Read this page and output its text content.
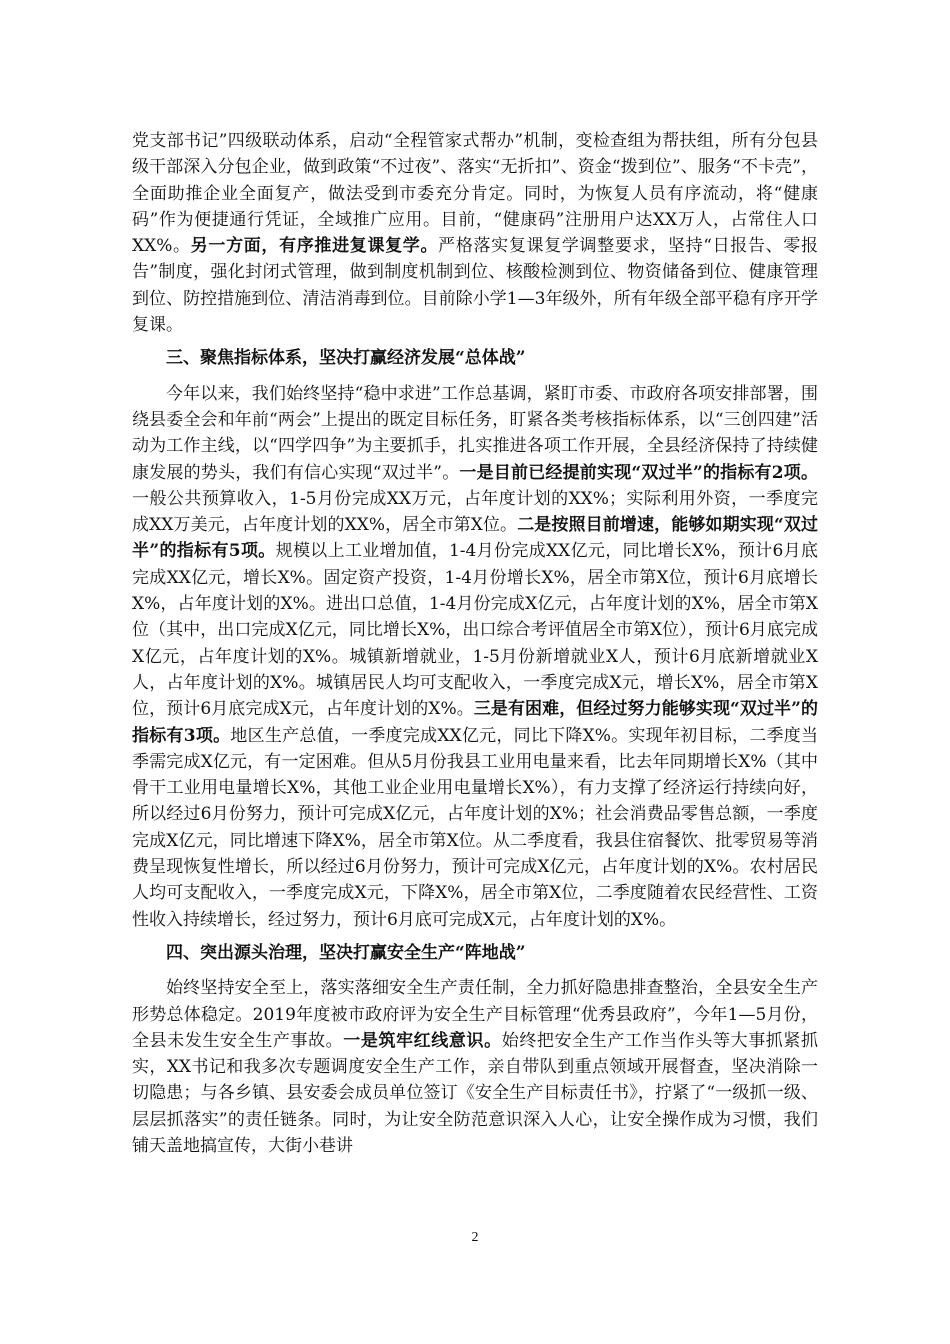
党支部书记”四级联动体系，启动“全程管家式帮办”机制，变检查组为帮扶组，所有分包县级干部深入分包企业，做到政策“不过夜”、落实“无折扣”、资金“拨到位”、服务“不卡壳”，全面助推企业全面复产，做法受到市委充分肯定。同时，为恢复人员有序流动，将“健康码”作为便捷通行凭证，全域推广应用。目前，“健康码”注册用户达XX万人，占常住人口XX%。另一方面，有序推进复课复学。严格落实复课复学调整要求，坚持“日报告、零报告”制度，强化封闭式管理，做到制度机制到位、核酸检测到位、物资储备到位、健康管理到位、防控措施到位、清洁消毒到位。目前除小学1—3年级外，所有年级全部平稳有序开学复课。

三、聚焦指标体系，坚决打赢经济发展“总体战”

今年以来，我们始终坚持“稳中求进”工作总基调，紧盯市委、市政府各项安排部署，围绕县委全会和年前“两会”上提出的既定目标任务，盯紧各类考核指标体系，以“三创四建”活动为工作主线，以“四学四争”为主要抓手，扎实推进各项工作开展，全县经济保持了持续健康发展的势头，我们有信心实现“双过半”。一是目前已经提前实现“双过半”的指标有2项。一般公共预算收入，1-5月份完成XX万元，占年度计划的XX%；实际利用外资，一季度完成XX万美元，占年度计划的XX%，居全市第X位。二是按照目前增速，能够如期实现“双过半”的指标有5项。规模以上工业增加值，1-4月份完成XX亿元，同比增长X%，预计6月底完成XX亿元，增长X%。固定资产投资，1-4月份增长X%，居全市第X位，预计6月底增长X%，占年度计划的X%。进出口总值，1-4月份完成X亿元，占年度计划的X%，居全市第X位（其中，出口完成X亿元，同比增长X%，出口综合考评值居全市第X位），预计6月底完成X亿元，占年度计划的X%。城镇新增就业，1-5月份新增就业X人，预计6月底新增就业X人，占年度计划的X%。城镇居民人均可支配收入，一季度完成X元，增长X%，居全市第X位，预计6月底完成X元，占年度计划的X%。三是有困难，但经过努力能够实现“双过半”的指标有3项。地区生产总值，一季度完成XX亿元，同比下降X%。实现年初目标，二季度当季需完成X亿元，有一定困难。但从5月份我县工业用电量来看，比去年同期增长X%（其中骨干工业用电量增长X%，其他工业企业用电量增长X%），有力支撑了经济运行持续向好，所以经过6月份努力，预计可完成X亿元，占年度计划的X%；社会消费品零售总额，一季度完成X亿元，同比增速下降X%，居全市第X位。从二季度看，我县住宿餐饮、批零贸易等消费呈现恢复性增长，所以经过6月份努力，预计可完成X亿元，占年度计划的X%。农村居民人均可支配收入，一季度完成X元，下降X%，居全市第X位，二季度随着农民经营性、工资性收入持续增长，经过努力，预计6月底可完成X元，占年度计划的X%。

四、突出源头治理，坚决打赢安全生产“阵地战”

始终坚持安全至上，落实落细安全生产责任制，全力抓好隐患排查整治，全县安全生产形势总体稳定。2019年度被市政府评为安全生产目标管理“优秀县政府”，今年1—5月份，全县未发生安全生产事故。一是筑牢红线意识。始终把安全生产工作当作头等大事抓紧抓实，XX书记和我多次专题调度安全生产工作，亲自带队到重点领域开展督查，坚决消除一切隐患；与各乡镇、县安委会成员单位签订《安全生产目标责任书》，拧紧了“一级抓一级、层层抓落实”的责任链条。同时，为让安全防范意识深入人心，让安全操作成为习惯，我们铺天盖地搞宣传，大街小巷讲

2
